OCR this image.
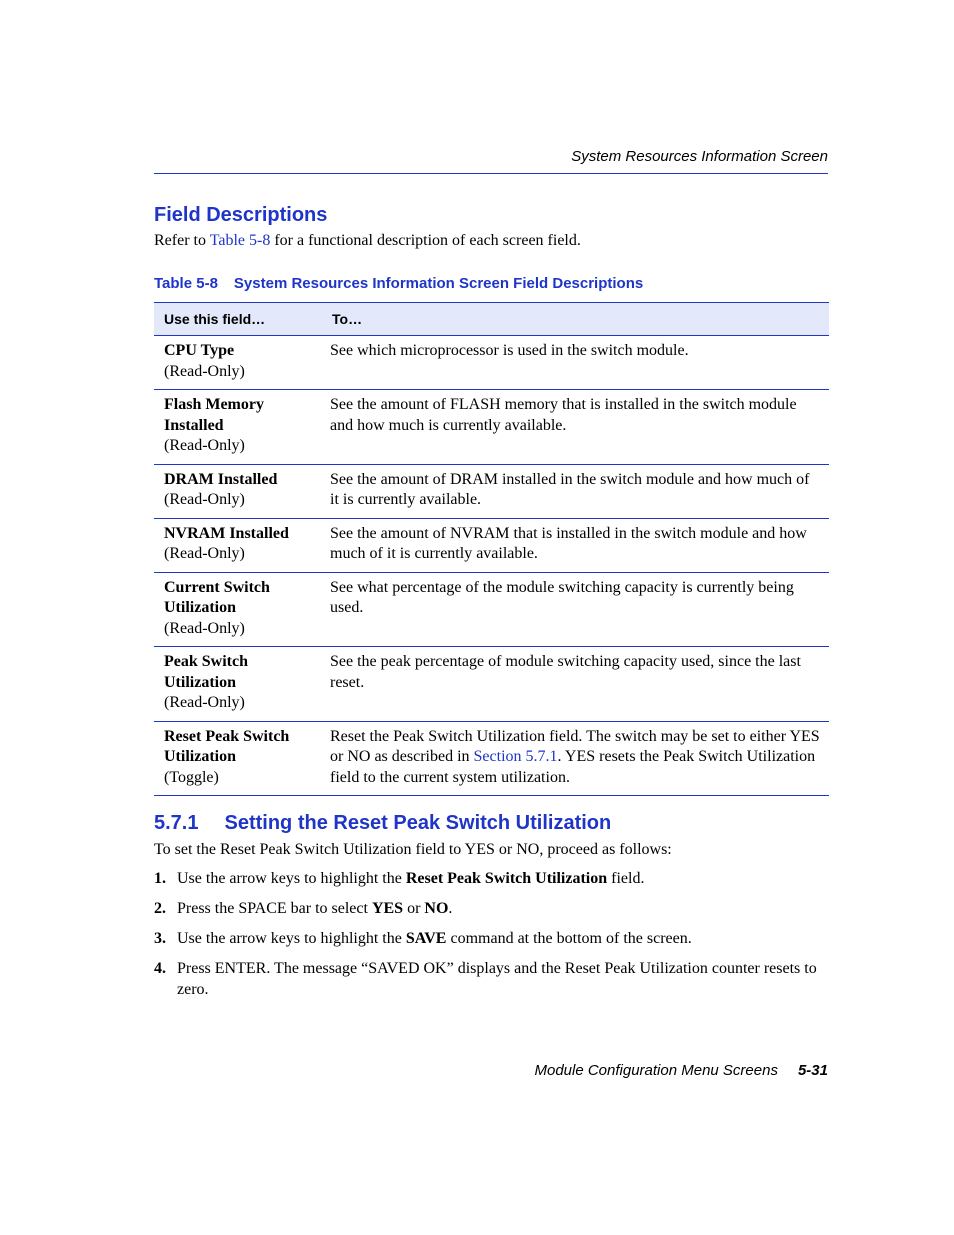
System Resources Information Screen
Field Descriptions
Refer to Table 5-8 for a functional description of each screen field.
Table 5-8 System Resources Information Screen Field Descriptions
Use this field…	To…

CPU Type
(Read-Only)	See which microprocessor is used in the switch module.

Flash Memory
Installed
(Read-Only)	See the amount of FLASH memory that is installed in the switch module and how much is currently available.

DRAM Installed
(Read-Only)	See the amount of DRAM installed in the switch module and how much of it is currently available.

NVRAM Installed
(Read-Only)	See the amount of NVRAM that is installed in the switch module and how much of it is currently available.

Current Switch
Utilization
(Read-Only)	See what percentage of the module switching capacity is currently being used.

Peak Switch
Utilization
(Read-Only)	See the peak percentage of module switching capacity used, since the last reset.

Reset Peak Switch
Utilization
(Toggle)	Reset the Peak Switch Utilization field. The switch may be set to either YES or NO as described in Section 5.7.1. YES resets the Peak Switch Utilization field to the current system utilization.
5.7.1 Setting the Reset Peak Switch Utilization
To set the Reset Peak Switch Utilization field to YES or NO, proceed as follows:
1. Use the arrow keys to highlight the Reset Peak Switch Utilization field.
2. Press the SPACE bar to select YES or NO.
3. Use the arrow keys to highlight the SAVE command at the bottom of the screen.
4. Press ENTER. The message “SAVED OK” displays and the Reset Peak Utilization counter resets to zero.
Module Configuration Menu Screens 5-31
